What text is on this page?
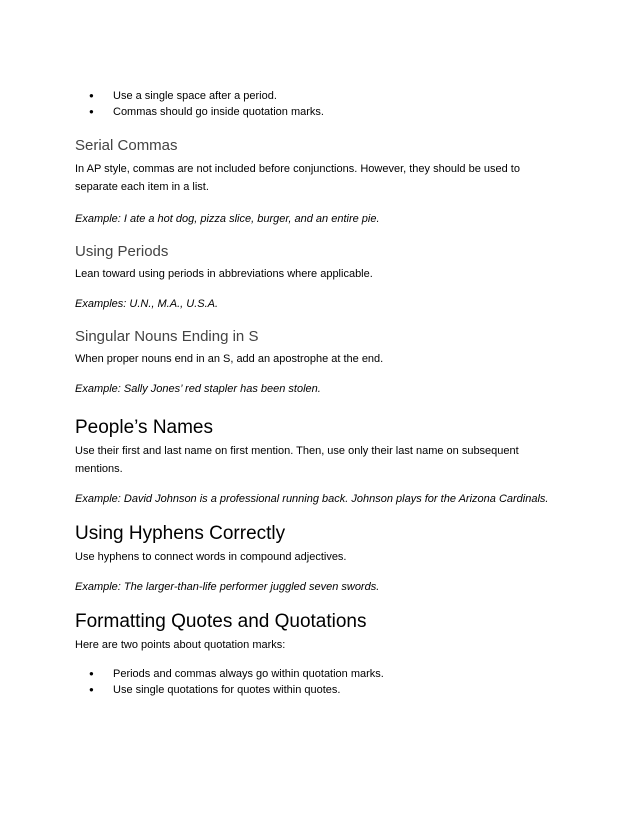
● Use a single space after a period.
● Commas should go inside quotation marks.
Serial Commas

In AP style, commas are not included before conjunctions. However, they should be used to separate each item in a list.

Example: I ate a hot dog, pizza slice, burger, and an entire pie.

Using Periods

Lean toward using periods in abbreviations where applicable.

Examples: U.N., M.A., U.S.A.

Singular Nouns Ending in S

When proper nouns end in an S, add an apostrophe at the end.

Example: Sally Jones’ red stapler has been stolen.

People’s Names

Use their first and last name on first mention. Then, use only their last name on subsequent mentions.

Example: David Johnson is a professional running back. Johnson plays for the Arizona Cardinals.

Using Hyphens Correctly

Use hyphens to connect words in compound adjectives.

Example: The larger-than-life performer juggled seven swords.

Formatting Quotes and Quotations

Here are two points about quotation marks:

● Periods and commas always go within quotation marks.
● Use single quotations for quotes within quotes.
